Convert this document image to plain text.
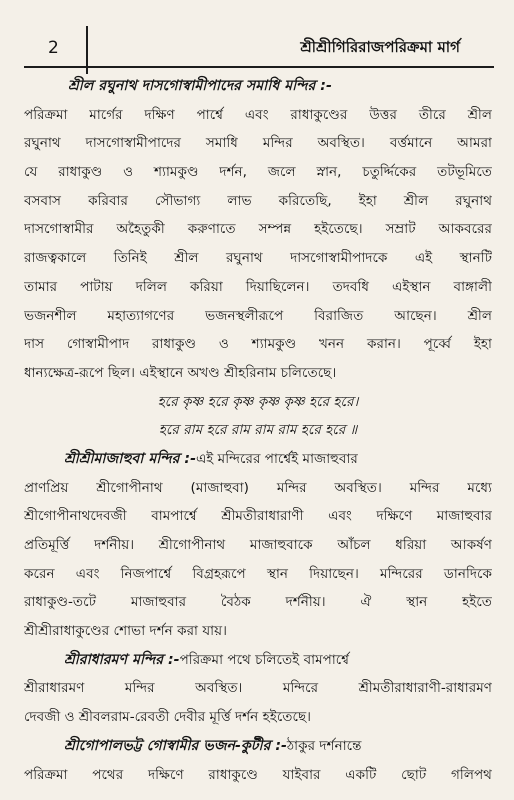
2	শ্রীশ্রীগিরিরাজপরিক্রমা মার্গ
শ্রীল রঘুনাথ দাসগোস্বামীপাদের সমাধি মন্দির :-
পরিক্রমা মার্গের দক্ষিণ পার্শ্বে এবং রাধাকুণ্ডের উত্তর তীরে শ্রীল
রঘুনাথ দাসগোস্বামীপাদের সমাধি মন্দির অবস্থিত। বর্ত্তমানে আমরা
যে রাধাকুণ্ড ও শ্যামকুণ্ড দর্শন, জলে স্নান, চতুর্দ্দিকের তটভূমিতে
বসবাস করিবার সৌভাগ্য লাভ করিতেছি, ইহা শ্রীল রঘুনাথ
দাসগোস্বামীর অহৈতুকী করুণাতে সম্পন্ন হইতেছে। সম্রাট আকবরের
রাজত্বকালে তিনিই শ্রীল রঘুনাথ দাসগোস্বামীপাদকে এই স্থানটি
তামার পাটায় দলিল করিয়া দিয়াছিলেন। তদবধি এইস্থান বাঙ্গালী
ভজনশীল মহাত্যাগণের ভজনস্থলীরূপে বিরাজিত আছেন। শ্রীল
দাস গোস্বামীপাদ রাধাকুণ্ড ও শ্যামকুণ্ড খনন করান। পূর্ব্বে ইহা
ধান্যক্ষেত্র-রূপে ছিল। এইস্থানে অখণ্ড শ্রীহরিনাম চলিতেছে।
হরে কৃষ্ণ হরে কৃষ্ণ কৃষ্ণ কৃষ্ণ হরে হরে।
হরে রাম হরে রাম রাম রাম হরে হরে ॥
শ্রীশ্রীমাজাহুবা মন্দির :-এই মন্দিরের পার্শ্বেই মাজাহুবার
প্রাণপ্রিয় শ্রীগোপীনাথ (মাজাহুবা) মন্দির অবস্থিত। মন্দির মধ্যে
শ্রীগোপীনাথদেবজী বামপার্শ্বে শ্রীমতীরাধারাণী এবং দক্ষিণে মাজাহুবার
প্রতিমূর্ত্তি দর্শনীয়। শ্রীগোপীনাথ মাজাহুবাকে আঁচল ধরিয়া আকর্ষণ
করেন এবং নিজপার্শ্বে বিগ্রহরূপে স্থান দিয়াছেন। মন্দিরের ডানদিকে
রাধাকুণ্ড-তটে মাজাহুবার বৈঠক দর্শনীয়। ঐ স্থান হইতে
শ্রীশ্রীরাধাকুণ্ডের শোভা দর্শন করা যায়।
শ্রীরাধারমণ মন্দির :-পরিক্রমা পথে চলিতেই বামপার্শ্বে
শ্রীরাধারমণ মন্দির অবস্থিত। মন্দিরে শ্রীমতীরাধারাণী-রাধারমণ
দেবজী ও শ্রীবলরাম-রেবতী দেবীর মূর্ত্তি দর্শন হইতেছে।
শ্রীগোপালভট্ট গোস্বামীর ভজন-কুটীর :-ঠাকুর দর্শনান্তে
পরিক্রমা পথের দক্ষিণে রাধাকুণ্ডে যাইবার একটি ছোট গলিপথ
